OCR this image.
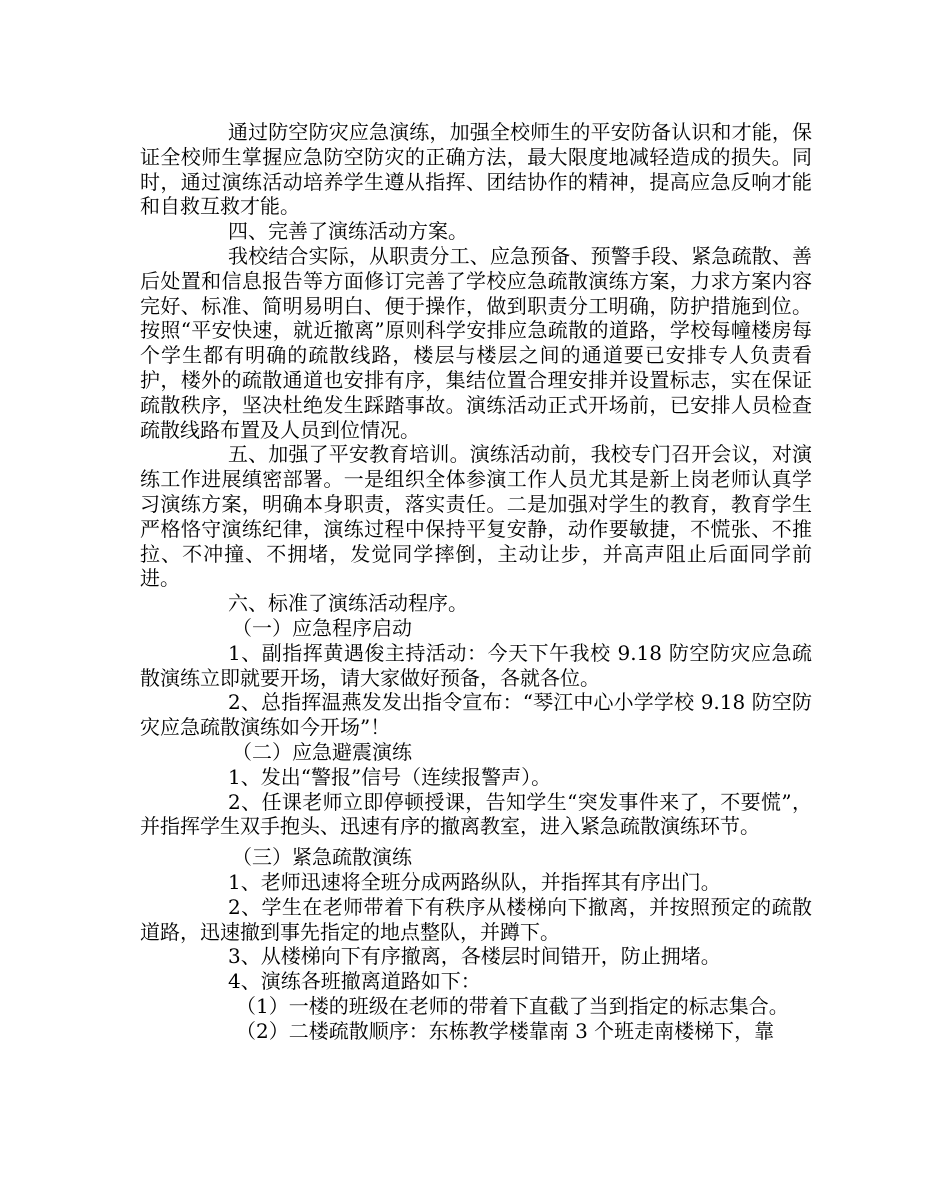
通过防空防灾应急演练，加强全校师生的平安防备认识和才能，保证全校师生掌握应急防空防灾的正确方法，最大限度地减轻造成的损失。同时，通过演练活动培养学生遵从指挥、团结协作的精神，提高应急反响才能和自救互救才能。

四、完善了演练活动方案。

我校结合实际，从职责分工、应急预备、预警手段、紧急疏散、善后处置和信息报告等方面修订完善了学校应急疏散演练方案，力求方案内容完好、标准、简明易明白、便于操作，做到职责分工明确，防护措施到位。按照“平安快速，就近撤离”原则科学安排应急疏散的道路，学校每幢楼房每个学生都有明确的疏散线路，楼层与楼层之间的通道要已安排专人负责看护，楼外的疏散通道也安排有序，集结位置合理安排并设置标志，实在保证疏散秩序，坚决杜绝发生踩踏事故。演练活动正式开场前，已安排人员检查疏散线路布置及人员到位情况。

五、加强了平安教育培训。演练活动前，我校专门召开会议，对演练工作进展缜密部署。一是组织全体参演工作人员尤其是新上岗老师认真学习演练方案，明确本身职责，落实责任。二是加强对学生的教育，教育学生严格恪守演练纪律，演练过程中保持平复安静，动作要敏捷，不慌张、不推拉、不冲撞、不拥堵，发觉同学摔倒，主动让步，并高声阻止后面同学前进。

六、标准了演练活动程序。

（一）应急程序启动

1、副指挥黄遇俊主持活动：今天下午我校 9.18 防空防灾应急疏散演练立即就要开场，请大家做好预备，各就各位。

2、总指挥温燕发发出指令宣布：“琴江中心小学学校 9.18 防空防灾应急疏散演练如今开场”！

（二）应急避震演练

1、发出“警报”信号（连续报警声）。

2、任课老师立即停顿授课，告知学生“突发事件来了，不要慌”，并指挥学生双手抱头、迅速有序的撤离教室，进入紧急疏散演练环节。

（三）紧急疏散演练

1、老师迅速将全班分成两路纵队，并指挥其有序出门。

2、学生在老师带着下有秩序从楼梯向下撤离，并按照预定的疏散道路，迅速撤到事先指定的地点整队，并蹲下。

3、从楼梯向下有序撤离，各楼层时间错开，防止拥堵。

4、演练各班撤离道路如下：

（1）一楼的班级在老师的带着下直截了当到指定的标志集合。

（2）二楼疏散顺序：东栋教学楼靠南 3 个班走南楼梯下，靠
